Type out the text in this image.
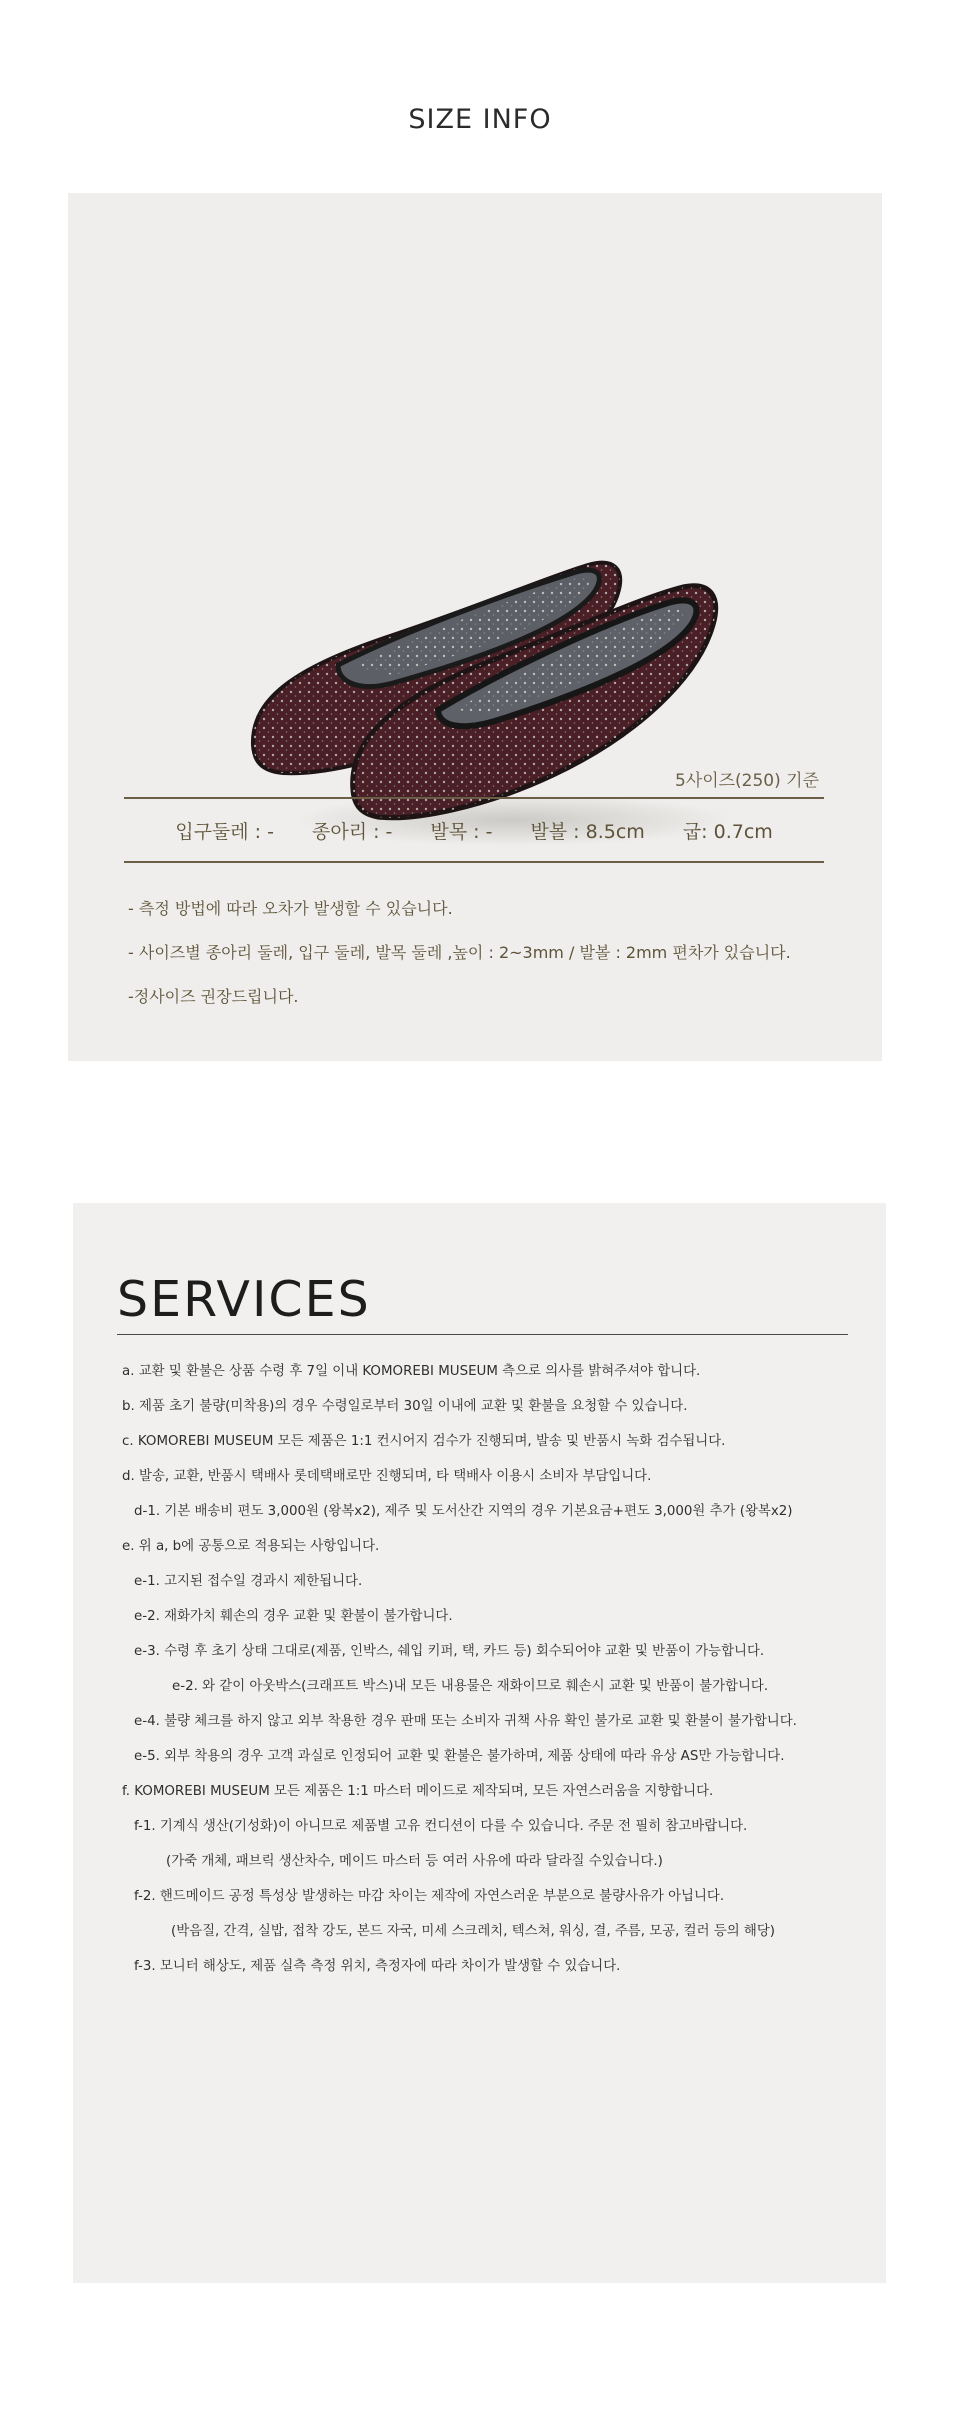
SIZE INFO
5사이즈(250) 기준
입구둘레 : - 종아리 : - 발목 : - 발볼 : 8.5cm 굽: 0.7cm
- 측정 방법에 따라 오차가 발생할 수 있습니다.
- 사이즈별 종아리 둘레, 입구 둘레, 발목 둘레 ,높이 : 2~3mm / 발볼 : 2mm 편차가 있습니다.
-정사이즈 권장드립니다.
SERVICES
a. 교환 및 환불은 상품 수령 후 7일 이내 KOMOREBI MUSEUM 측으로 의사를 밝혀주셔야 합니다.
b. 제품 초기 불량(미착용)의 경우 수령일로부터 30일 이내에 교환 및 환불을 요청할 수 있습니다.
c. KOMOREBI MUSEUM 모든 제품은 1:1 컨시어지 검수가 진행되며, 발송 및 반품시 녹화 검수됩니다.
d. 발송, 교환, 반품시 택배사 롯데택배로만 진행되며, 타 택배사 이용시 소비자 부담입니다.
d-1. 기본 배송비 편도 3,000원 (왕복x2), 제주 및 도서산간 지역의 경우 기본요금+편도 3,000원 추가 (왕복x2)
e. 위 a, b에 공통으로 적용되는 사항입니다.
e-1. 고지된 접수일 경과시 제한됩니다.
e-2. 재화가치 훼손의 경우 교환 및 환불이 불가합니다.
e-3. 수령 후 초기 상태 그대로(제품, 인박스, 쉐입 키퍼, 택, 카드 등) 회수되어야 교환 및 반품이 가능합니다.
e-2. 와 같이 아웃박스(크래프트 박스)내 모든 내용물은 재화이므로 훼손시 교환 및 반품이 불가합니다.
e-4. 불량 체크를 하지 않고 외부 착용한 경우 판매 또는 소비자 귀책 사유 확인 불가로 교환 및 환불이 불가합니다.
e-5. 외부 착용의 경우 고객 과실로 인정되어 교환 및 환불은 불가하며, 제품 상태에 따라 유상 AS만 가능합니다.
f. KOMOREBI MUSEUM 모든 제품은 1:1 마스터 메이드로 제작되며, 모든 자연스러움을 지향합니다.
f-1. 기계식 생산(기성화)이 아니므로 제품별 고유 컨디션이 다를 수 있습니다. 주문 전 필히 참고바랍니다.
(가죽 개체, 패브릭 생산차수, 메이드 마스터 등 여러 사유에 따라 달라질 수있습니다.)
f-2. 핸드메이드 공정 특성상 발생하는 마감 차이는 제작에 자연스러운 부분으로 불량사유가 아닙니다.
(박음질, 간격, 실밥, 접착 강도, 본드 자국, 미세 스크레치, 텍스쳐, 워싱, 결, 주름, 모공, 컬러 등의 해당)
f-3. 모니터 해상도, 제품 실측 측정 위치, 측정자에 따라 차이가 발생할 수 있습니다.
